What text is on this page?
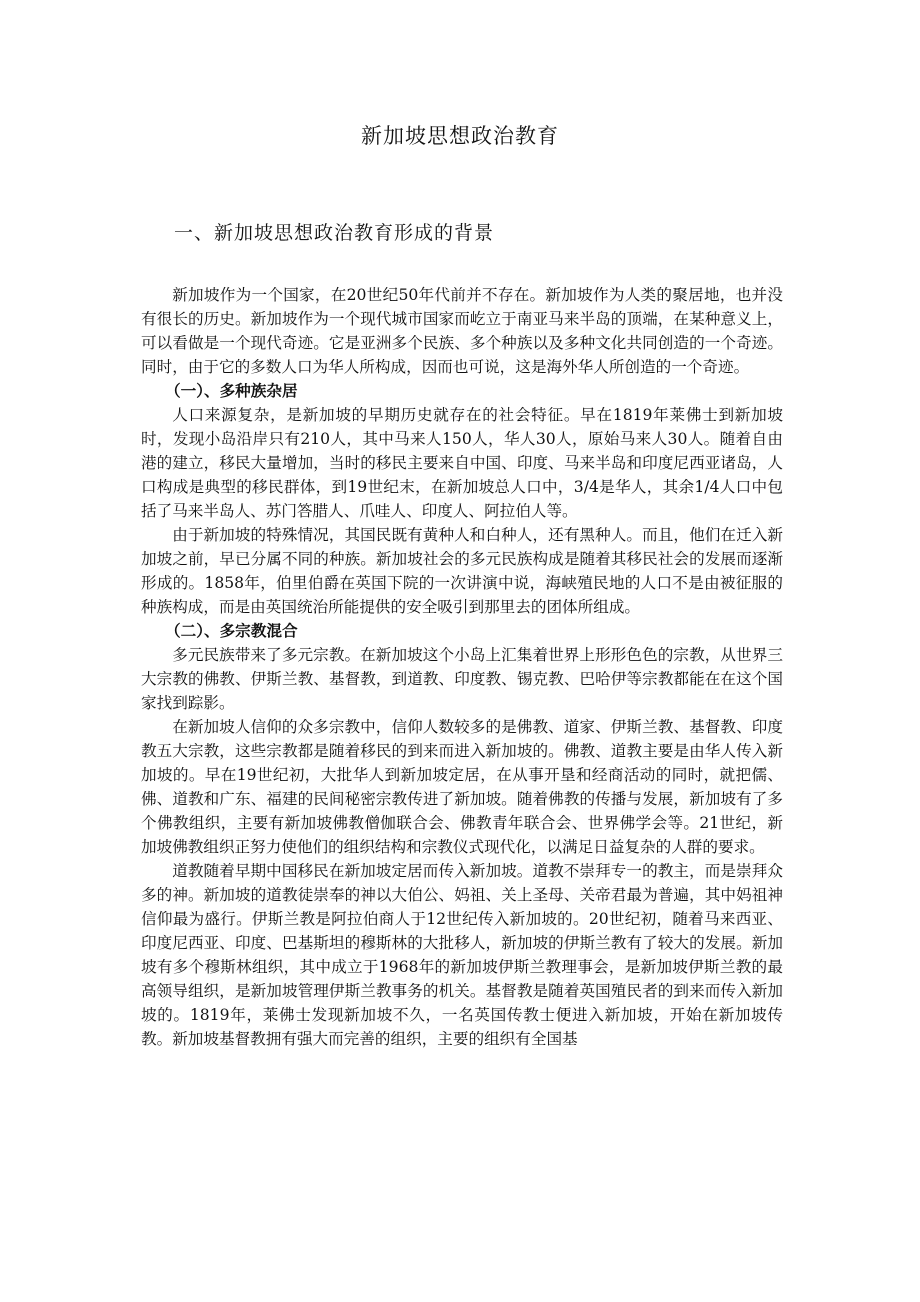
新加坡思想政治教育
一、新加坡思想政治教育形成的背景

新加坡作为一个国家，在20世纪50年代前并不存在。新加坡作为人类的聚居地，也并没有很长的历史。新加坡作为一个现代城市国家而屹立于南亚马来半岛的顶端，在某种意义上，可以看做是一个现代奇迹。它是亚洲多个民族、多个种族以及多种文化共同创造的一个奇迹。同时，由于它的多数人口为华人所构成，因而也可说，这是海外华人所创造的一个奇迹。

（一）、多种族杂居

人口来源复杂，是新加坡的早期历史就存在的社会特征。早在1819年莱佛士到新加坡时，发现小岛沿岸只有210人，其中马来人150人，华人30人，原始马来人30人。随着自由港的建立，移民大量增加，当时的移民主要来自中国、印度、马来半岛和印度尼西亚诸岛，人口构成是典型的移民群体，到19世纪末，在新加坡总人口中，3/4是华人，其余1/4人口中包括了马来半岛人、苏门答腊人、爪哇人、印度人、阿拉伯人等。

由于新加坡的特殊情况，其国民既有黄种人和白种人，还有黑种人。而且，他们在迁入新加坡之前，早已分属不同的种族。新加坡社会的多元民族构成是随着其移民社会的发展而逐渐形成的。1858年，伯里伯爵在英国下院的一次讲演中说，海峡殖民地的人口不是由被征服的种族构成，而是由英国统治所能提供的安全吸引到那里去的团体所组成。

（二）、多宗教混合

多元民族带来了多元宗教。在新加坡这个小岛上汇集着世界上形形色色的宗教，从世界三大宗教的佛教、伊斯兰教、基督教，到道教、印度教、锡克教、巴哈伊等宗教都能在在这个国家找到踪影。

在新加坡人信仰的众多宗教中，信仰人数较多的是佛教、道家、伊斯兰教、基督教、印度教五大宗教，这些宗教都是随着移民的到来而进入新加坡的。佛教、道教主要是由华人传入新加坡的。早在19世纪初，大批华人到新加坡定居，在从事开垦和经商活动的同时，就把儒、佛、道教和广东、福建的民间秘密宗教传进了新加坡。随着佛教的传播与发展，新加坡有了多个佛教组织，主要有新加坡佛教僧伽联合会、佛教青年联合会、世界佛学会等。21世纪，新加坡佛教组织正努力使他们的组织结构和宗教仪式现代化，以满足日益复杂的人群的要求。

道教随着早期中国移民在新加坡定居而传入新加坡。道教不崇拜专一的教主，而是崇拜众多的神。新加坡的道教徒崇奉的神以大伯公、妈祖、关上圣母、关帝君最为普遍，其中妈祖神信仰最为盛行。伊斯兰教是阿拉伯商人于12世纪传入新加坡的。20世纪初，随着马来西亚、印度尼西亚、印度、巴基斯坦的穆斯林的大批移人，新加坡的伊斯兰教有了较大的发展。新加坡有多个穆斯林组织，其中成立于1968年的新加坡伊斯兰教理事会，是新加坡伊斯兰教的最高领导组织，是新加坡管理伊斯兰教事务的机关。基督教是随着英国殖民者的到来而传入新加坡的。1819年，莱佛士发现新加坡不久，一名英国传教士便进入新加坡，开始在新加坡传教。新加坡基督教拥有强大而完善的组织，主要的组织有全国基
